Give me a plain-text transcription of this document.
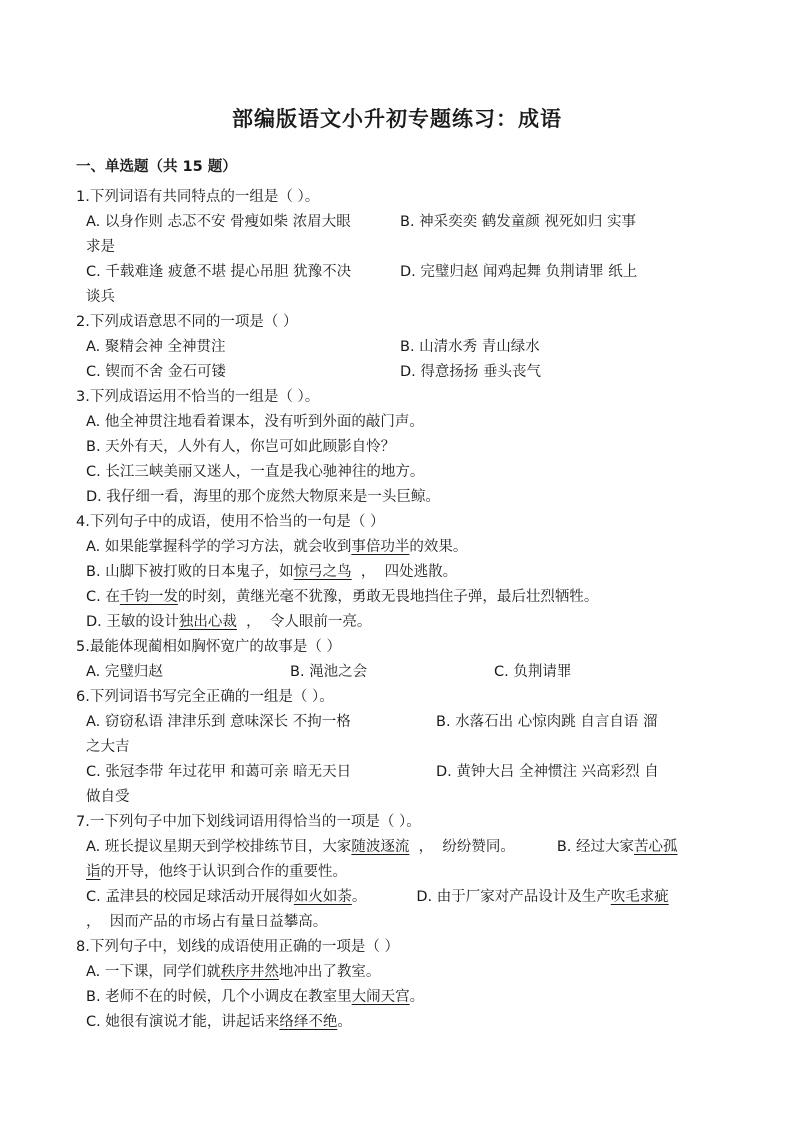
部编版语文小升初专题练习：成语
一、单选题（共 15 题）
1.下列词语有共同特点的一组是（ ）。
A. 以身作则 忐忑不安 骨瘦如柴 浓眉大眼	B. 神采奕奕 鹤发童颜 视死如归 实事
求是
C. 千载难逢 疲惫不堪 提心吊胆 犹豫不决	D. 完璧归赵 闻鸡起舞 负荆请罪 纸上
谈兵
2.下列成语意思不同的一项是（ ）
A. 聚精会神 全神贯注	B. 山清水秀 青山绿水
C. 锲而不舍 金石可镂	D. 得意扬扬 垂头丧气
3.下列成语运用不恰当的一组是（ ）。
A. 他全神贯注地看着课本，没有听到外面的敲门声。
B. 天外有天，人外有人，你岂可如此顾影自怜？
C. 长江三峡美丽又迷人，一直是我心驰神往的地方。
D. 我仔细一看，海里的那个庞然大物原来是一头巨鲸。
4.下列句子中的成语，使用不恰当的一句是（ ）
A. 如果能掌握科学的学习方法，就会收到事倍功半的效果。
B. 山脚下被打败的日本鬼子，如惊弓之鸟  ，  四处逃散。
C. 在千钧一发的时刻，黄继光毫不犹豫，勇敢无畏地挡住子弹，最后壮烈牺牲。
D. 王敏的设计独出心裁  ，  令人眼前一亮。
5.最能体现蔺相如胸怀宽广的故事是（ ）
A. 完璧归赵	B. 渑池之会	C. 负荆请罪
6.下列词语书写完全正确的一组是（ ）。
A. 窃窃私语 津津乐到 意味深长 不拘一格	B. 水落石出 心惊肉跳 自言自语 溜
之大吉
C. 张冠李带 年过花甲 和蔼可亲 暗无天日	D. 黄钟大吕 全神惯注 兴高彩烈 自
做自受
7.一下列句子中加下划线词语用得恰当的一项是（ ）。
A. 班长提议星期天到学校排练节目，大家随波逐流  ，  纷纷赞同。	B. 经过大家苦心孤
诣的开导，他终于认识到合作的重要性。
C. 孟津县的校园足球活动开展得如火如荼。	D. 由于厂家对产品设计及生产吹毛求疵
，  因而产品的市场占有量日益攀高。
8.下列句子中，划线的成语使用正确的一项是（ ）
A. 一下课，同学们就秩序井然地冲出了教室。
B. 老师不在的时候，几个小调皮在教室里大闹天宫。
C. 她很有演说才能，讲起话来络绎不绝。
